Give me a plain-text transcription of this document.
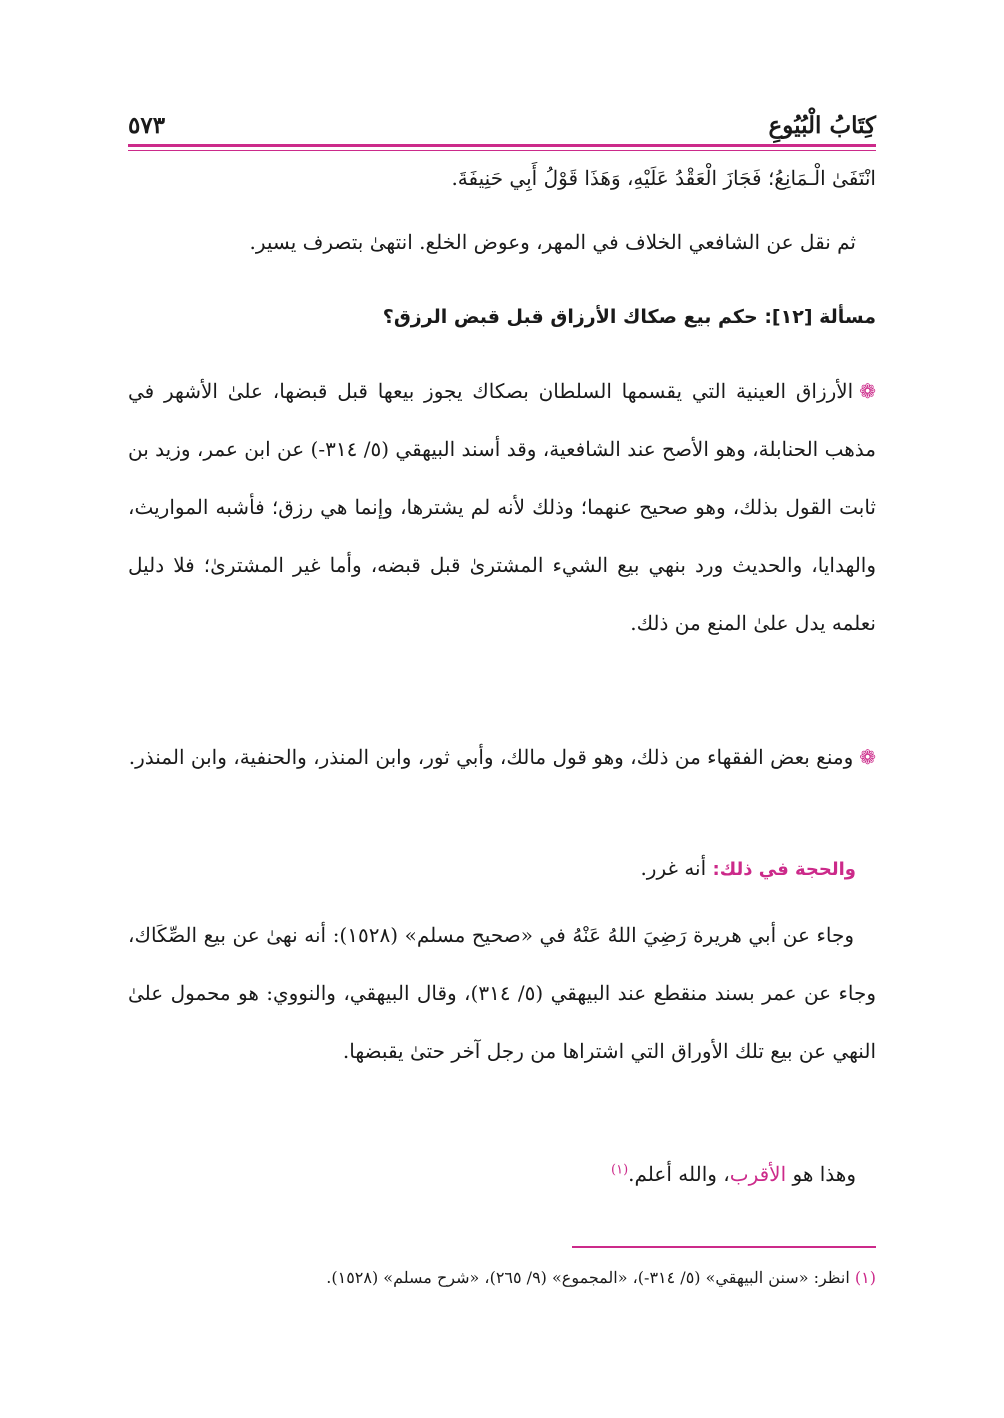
كِتَابُ الْبُيُوعِ
٥٧٣
انْتَفَىٰ الْـمَانِعُ؛ فَجَازَ الْعَقْدُ عَلَيْهِ، وَهَذَا قَوْلُ أَبِي حَنِيفَةَ.
ثم نقل عن الشافعي الخلاف في المهر، وعوض الخلع. انتهىٰ بتصرف يسير.
مسألة [١٢]: حكم بيع صكاك الأرزاق قبل قبض الرزق؟

❁الأرزاق العينية التي يقسمها السلطان بصكاك يجوز بيعها قبل قبضها، علىٰ الأشهر في مذهب الحنابلة، وهو الأصح عند الشافعية، وقد أسند البيهقي (٥/ ٣١٤-) عن ابن عمر، وزيد بن ثابت القول بذلك، وهو صحيح عنهما؛ وذلك لأنه لم يشترها، وإنما هي رزق؛ فأشبه المواريث، والهدايا، والحديث ورد بنهي بيع الشيء المشترىٰ قبل قبضه، وأما غير المشترىٰ؛ فلا دليل نعلمه يدل علىٰ المنع من ذلك.

❁ومنع بعض الفقهاء من ذلك، وهو قول مالك، وأبي ثور، وابن المنذر، والحنفية، وابن المنذر.

والحجة في ذلك: أنه غرر.

وجاء عن أبي هريرة رَضِيَ اللهُ عَنْهُ في «صحيح مسلم» (١٥٢٨): أنه نهىٰ عن بيع الصِّكَاك، وجاء عن عمر بسند منقطع عند البيهقي (٥/ ٣١٤)، وقال البيهقي، والنووي: هو محمول علىٰ النهي عن بيع تلك الأوراق التي اشتراها من رجل آخر حتىٰ يقبضها.

وهذا هو الأقرب، والله أعلم.$^{(١)}$
(١) انظر: «سنن البيهقي» (٥/ ٣١٤-)، «المجموع» (٩/ ٢٦٥)، «شرح مسلم» (١٥٢٨).
